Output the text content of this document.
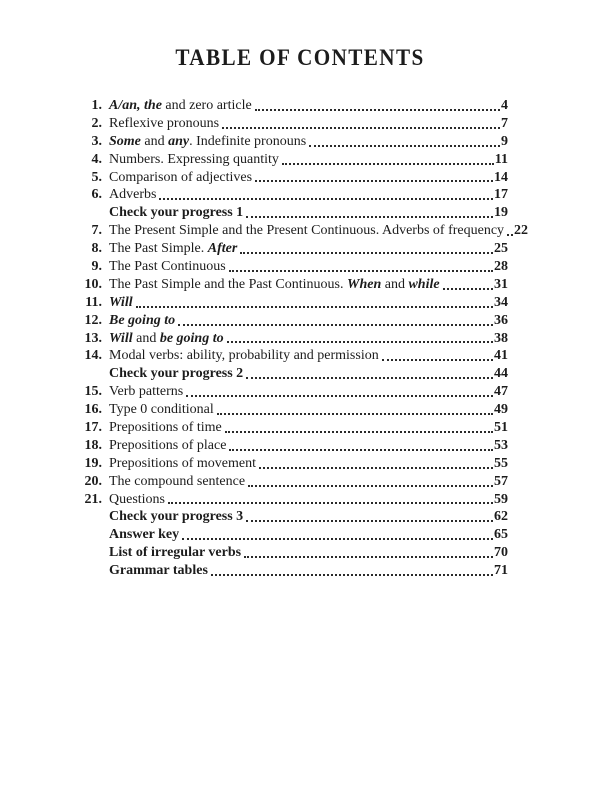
TABLE OF CONTENTS
1. A/an, the and zero article	4
2. Reflexive pronouns	7
3. Some and any. Indefinite pronouns	9
4. Numbers. Expressing quantity	11
5. Comparison of adjectives	14
6. Adverbs	17
Check your progress 1	19
7. The Present Simple and the Present Continuous. Adverbs of frequency 22
8. The Past Simple. After	25
9. The Past Continuous	28
10. The Past Simple and the Past Continuous. When and while	31
11. Will	34
12. Be going to	36
13. Will and be going to	38
14. Modal verbs: ability, probability and permission	41
Check your progress 2	44
15. Verb patterns	47
16. Type 0 conditional	49
17. Prepositions of time	51
18. Prepositions of place	53
19. Prepositions of movement	55
20. The compound sentence	57
21. Questions	59
Check your progress 3	62
Answer key	65
List of irregular verbs	70
Grammar tables	71
